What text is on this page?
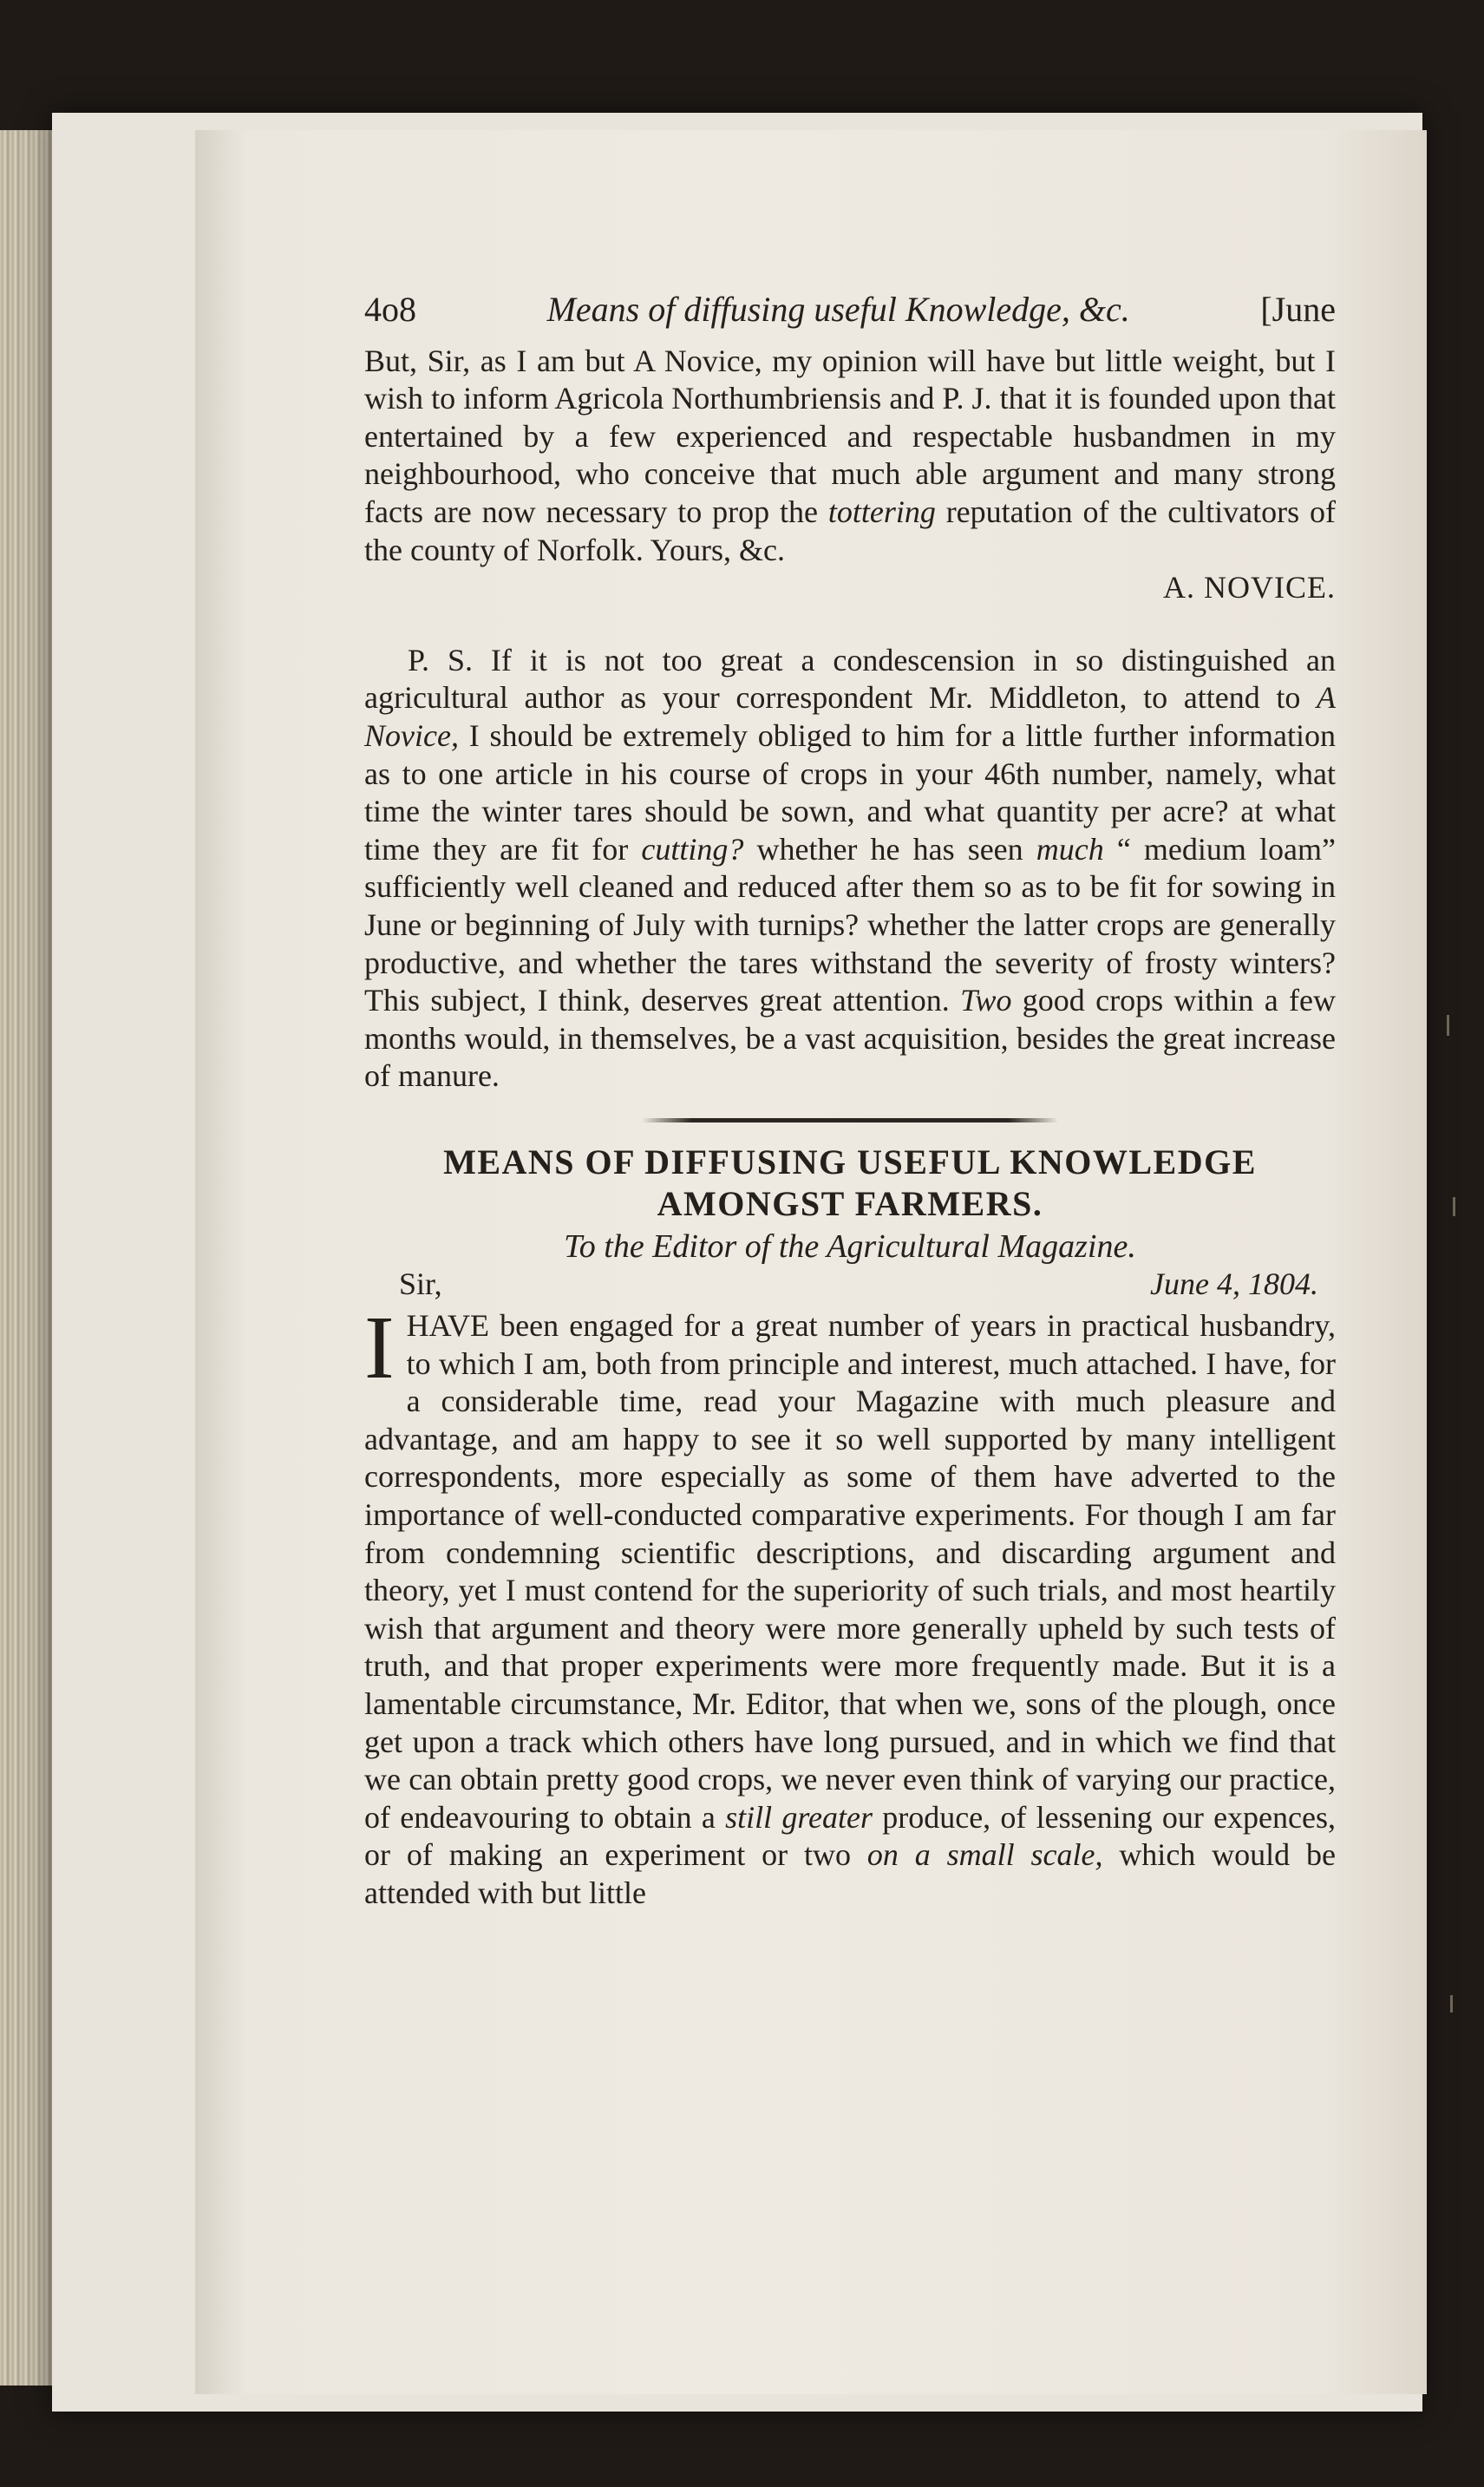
4o8	Means of diffusing useful Knowledge, &c.	[June

But, Sir, as I am but A Novice, my opinion will have but little weight, but I wish to inform Agricola Northumbriensis and P. J. that it is founded upon that entertained by a few experienced and respectable husbandmen in my neighbourhood, who conceive that much able argument and many strong facts are now necessary to prop the tottering reputation of the cultivators of the county of Norfolk. Yours, &c.

A. NOVICE.

P. S. If it is not too great a condescension in so distinguished an agricultural author as your correspondent Mr. Middleton, to attend to A Novice, I should be extremely obliged to him for a little further information as to one article in his course of crops in your 46th number, namely, what time the winter tares should be sown, and what quantity per acre? at what time they are fit for cutting? whether he has seen much “ medium loam” sufficiently well cleaned and reduced after them so as to be fit for sowing in June or beginning of July with turnips? whether the latter crops are generally productive, and whether the tares withstand the severity of frosty winters? This subject, I think, deserves great attention. Two good crops within a few months would, in themselves, be a vast acquisition, besides the great increase of manure.

MEANS OF DIFFUSING USEFUL KNOWLEDGE
AMONGST FARMERS.

To the Editor of the Agricultural Magazine.

Sir,	June 4, 1804.

IHAVE been engaged for a great number of years in practical husbandry, to which I am, both from principle and interest, much attached. I have, for a considerable time, read your Magazine with much pleasure and advantage, and am happy to see it so well supported by many intelligent correspondents, more especially as some of them have adverted to the importance of well-conducted comparative experiments. For though I am far from condemning scientific descriptions, and discarding argument and theory, yet I must contend for the superiority of such trials, and most heartily wish that argument and theory were more generally upheld by such tests of truth, and that proper experiments were more frequently made. But it is a lamentable circumstance, Mr. Editor, that when we, sons of the plough, once get upon a track which others have long pursued, and in which we find that we can obtain pretty good crops, we never even think of varying our practice, of endeavouring to obtain a still greater produce, of lessening our expences, or of making an experiment or two on a small scale, which would be attended with but little
